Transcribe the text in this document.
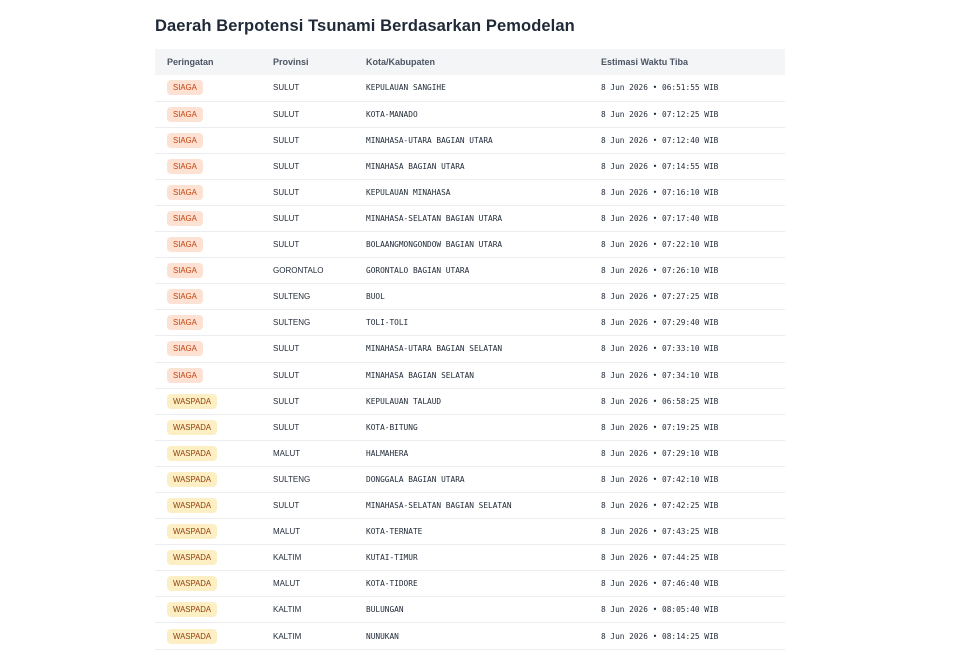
Daerah Berpotensi Tsunami Berdasarkan Pemodelan
Peringatan	Provinsi	Kota/Kabupaten	Estimasi Waktu Tiba
SIAGA	SULUT	KEPULAUAN SANGIHE	8 Jun 2026 • 06:51:55 WIB
SIAGA	SULUT	KOTA-MANADO	8 Jun 2026 • 07:12:25 WIB
SIAGA	SULUT	MINAHASA-UTARA BAGIAN UTARA	8 Jun 2026 • 07:12:40 WIB
SIAGA	SULUT	MINAHASA BAGIAN UTARA	8 Jun 2026 • 07:14:55 WIB
SIAGA	SULUT	KEPULAUAN MINAHASA	8 Jun 2026 • 07:16:10 WIB
SIAGA	SULUT	MINAHASA-SELATAN BAGIAN UTARA	8 Jun 2026 • 07:17:40 WIB
SIAGA	SULUT	BOLAANGMONGONDOW BAGIAN UTARA	8 Jun 2026 • 07:22:10 WIB
SIAGA	GORONTALO	GORONTALO BAGIAN UTARA	8 Jun 2026 • 07:26:10 WIB
SIAGA	SULTENG	BUOL	8 Jun 2026 • 07:27:25 WIB
SIAGA	SULTENG	TOLI-TOLI	8 Jun 2026 • 07:29:40 WIB
SIAGA	SULUT	MINAHASA-UTARA BAGIAN SELATAN	8 Jun 2026 • 07:33:10 WIB
SIAGA	SULUT	MINAHASA BAGIAN SELATAN	8 Jun 2026 • 07:34:10 WIB
WASPADA	SULUT	KEPULAUAN TALAUD	8 Jun 2026 • 06:58:25 WIB
WASPADA	SULUT	KOTA-BITUNG	8 Jun 2026 • 07:19:25 WIB
WASPADA	MALUT	HALMAHERA	8 Jun 2026 • 07:29:10 WIB
WASPADA	SULTENG	DONGGALA BAGIAN UTARA	8 Jun 2026 • 07:42:10 WIB
WASPADA	SULUT	MINAHASA-SELATAN BAGIAN SELATAN	8 Jun 2026 • 07:42:25 WIB
WASPADA	MALUT	KOTA-TERNATE	8 Jun 2026 • 07:43:25 WIB
WASPADA	KALTIM	KUTAI-TIMUR	8 Jun 2026 • 07:44:25 WIB
WASPADA	MALUT	KOTA-TIDORE	8 Jun 2026 • 07:46:40 WIB
WASPADA	KALTIM	BULUNGAN	8 Jun 2026 • 08:05:40 WIB
WASPADA	KALTIM	NUNUKAN	8 Jun 2026 • 08:14:25 WIB
